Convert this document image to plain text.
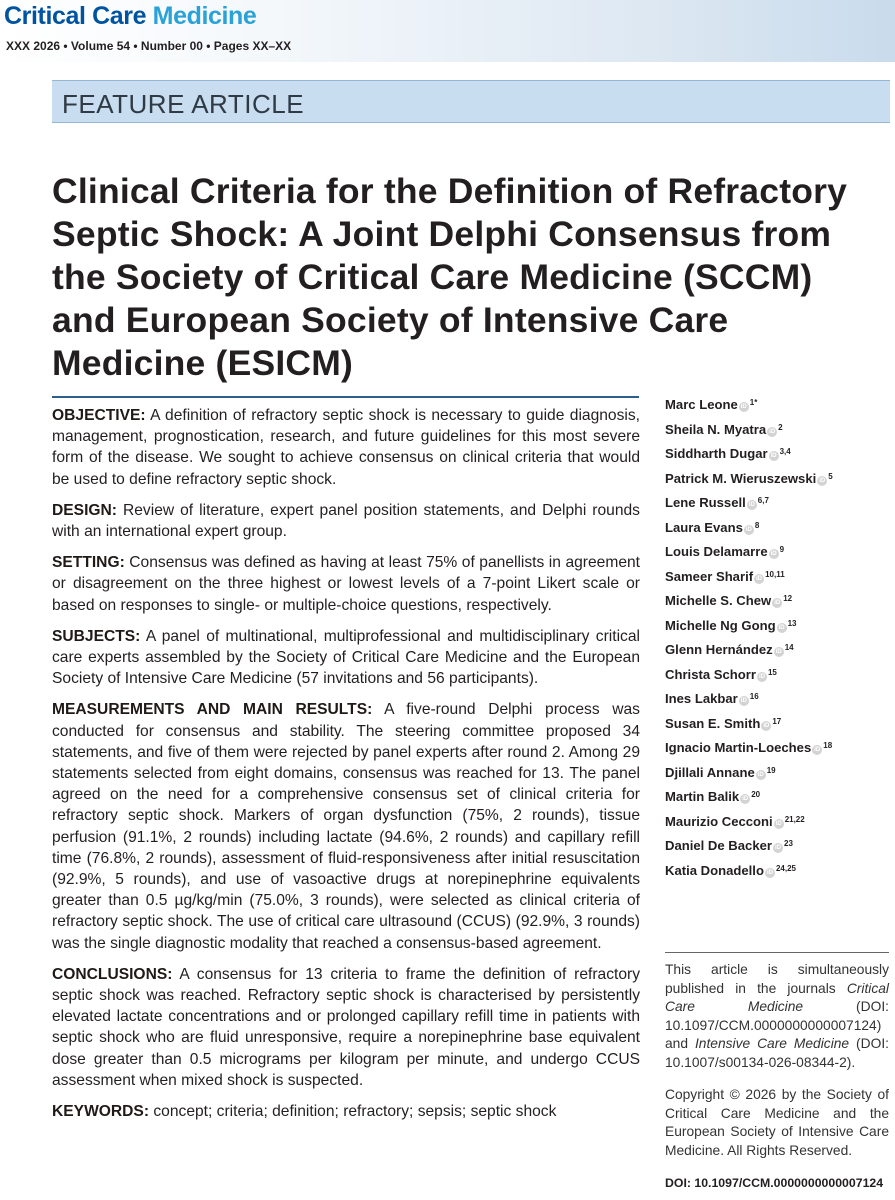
Critical Care Medicine
XXX 2026 • Volume 54 • Number 00 • Pages XX–XX
FEATURE ARTICLE
Clinical Criteria for the Definition of Refractory Septic Shock: A Joint Delphi Consensus from the Society of Critical Care Medicine (SCCM) and European Society of Intensive Care Medicine (ESICM)

OBJECTIVE: A definition of refractory septic shock is necessary to guide diagnosis, management, prognostication, research, and future guidelines for this most severe form of the disease. We sought to achieve consensus on clinical criteria that would be used to define refractory septic shock.

DESIGN: Review of literature, expert panel position statements, and Delphi rounds with an international expert group.

SETTING: Consensus was defined as having at least 75% of panellists in agreement or disagreement on the three highest or lowest levels of a 7-point Likert scale or based on responses to single- or multiple-choice questions, respectively.

SUBJECTS: A panel of multinational, multiprofessional and multidisciplinary critical care experts assembled by the Society of Critical Care Medicine and the European Society of Intensive Care Medicine (57 invitations and 56 participants).

MEASUREMENTS AND MAIN RESULTS: A five-round Delphi process was conducted for consensus and stability. The steering committee proposed 34 statements, and five of them were rejected by panel experts after round 2. Among 29 statements selected from eight domains, consensus was reached for 13. The panel agreed on the need for a comprehensive consensus set of clinical criteria for refractory septic shock. Markers of organ dysfunction (75%, 2 rounds), tissue perfusion (91.1%, 2 rounds) including lactate (94.6%, 2 rounds) and capillary refill time (76.8%, 2 rounds), assessment of fluid-responsiveness after initial resuscitation (92.9%, 5 rounds), and use of vasoactive drugs at norepinephrine equivalents greater than 0.5 µg/kg/min (75.0%, 3 rounds), were selected as clinical criteria of refractory septic shock. The use of critical care ultrasound (CCUS) (92.9%, 3 rounds) was the single diagnostic modality that reached a consensus-based agreement.

CONCLUSIONS: A consensus for 13 criteria to frame the definition of refractory septic shock was reached. Refractory septic shock is characterised by persistently elevated lactate concentrations and or prolonged capillary refill time in patients with septic shock who are fluid unresponsive, require a norepinephrine base equivalent dose greater than 0.5 micrograms per kilogram per minute, and undergo CCUS assessment when mixed shock is suspected.

KEYWORDS: concept; criteria; definition; refractory; sepsis; septic shock

Marc Leone iD $^{1*}$
Sheila N. Myatra iD $^2$
Siddharth Dugar iD $^{3,4}$
Patrick M. Wieruszewski iD $^5$
Lene Russell iD $^{6,7}$
Laura Evans iD $^8$
Louis Delamarre iD $^9$
Sameer Sharif iD $^{10,11}$
Michelle S. Chew iD $^{12}$
Michelle Ng Gong iD $^{13}$
Glenn Hernández iD $^{14}$
Christa Schorr iD $^{15}$
Ines Lakbar iD $^{16}$
Susan E. Smith iD $^{17}$
Ignacio Martin-Loeches iD $^{18}$
Djillali Annane iD $^{19}$
Martin Balik iD $^{20}$
Maurizio Cecconi iD $^{21,22}$
Daniel De Backer iD $^{23}$
Katia Donadello iD $^{24,25}$
This article is simultaneously published in the journals Critical Care Medicine (DOI: 10.1097/CCM.0000000000007124) and Intensive Care Medicine (DOI: 10.1007/s00134-026-08344-2).
Copyright © 2026 by the Society of Critical Care Medicine and the European Society of Intensive Care Medicine. All Rights Reserved.
DOI: 10.1097/CCM.0000000000007124
